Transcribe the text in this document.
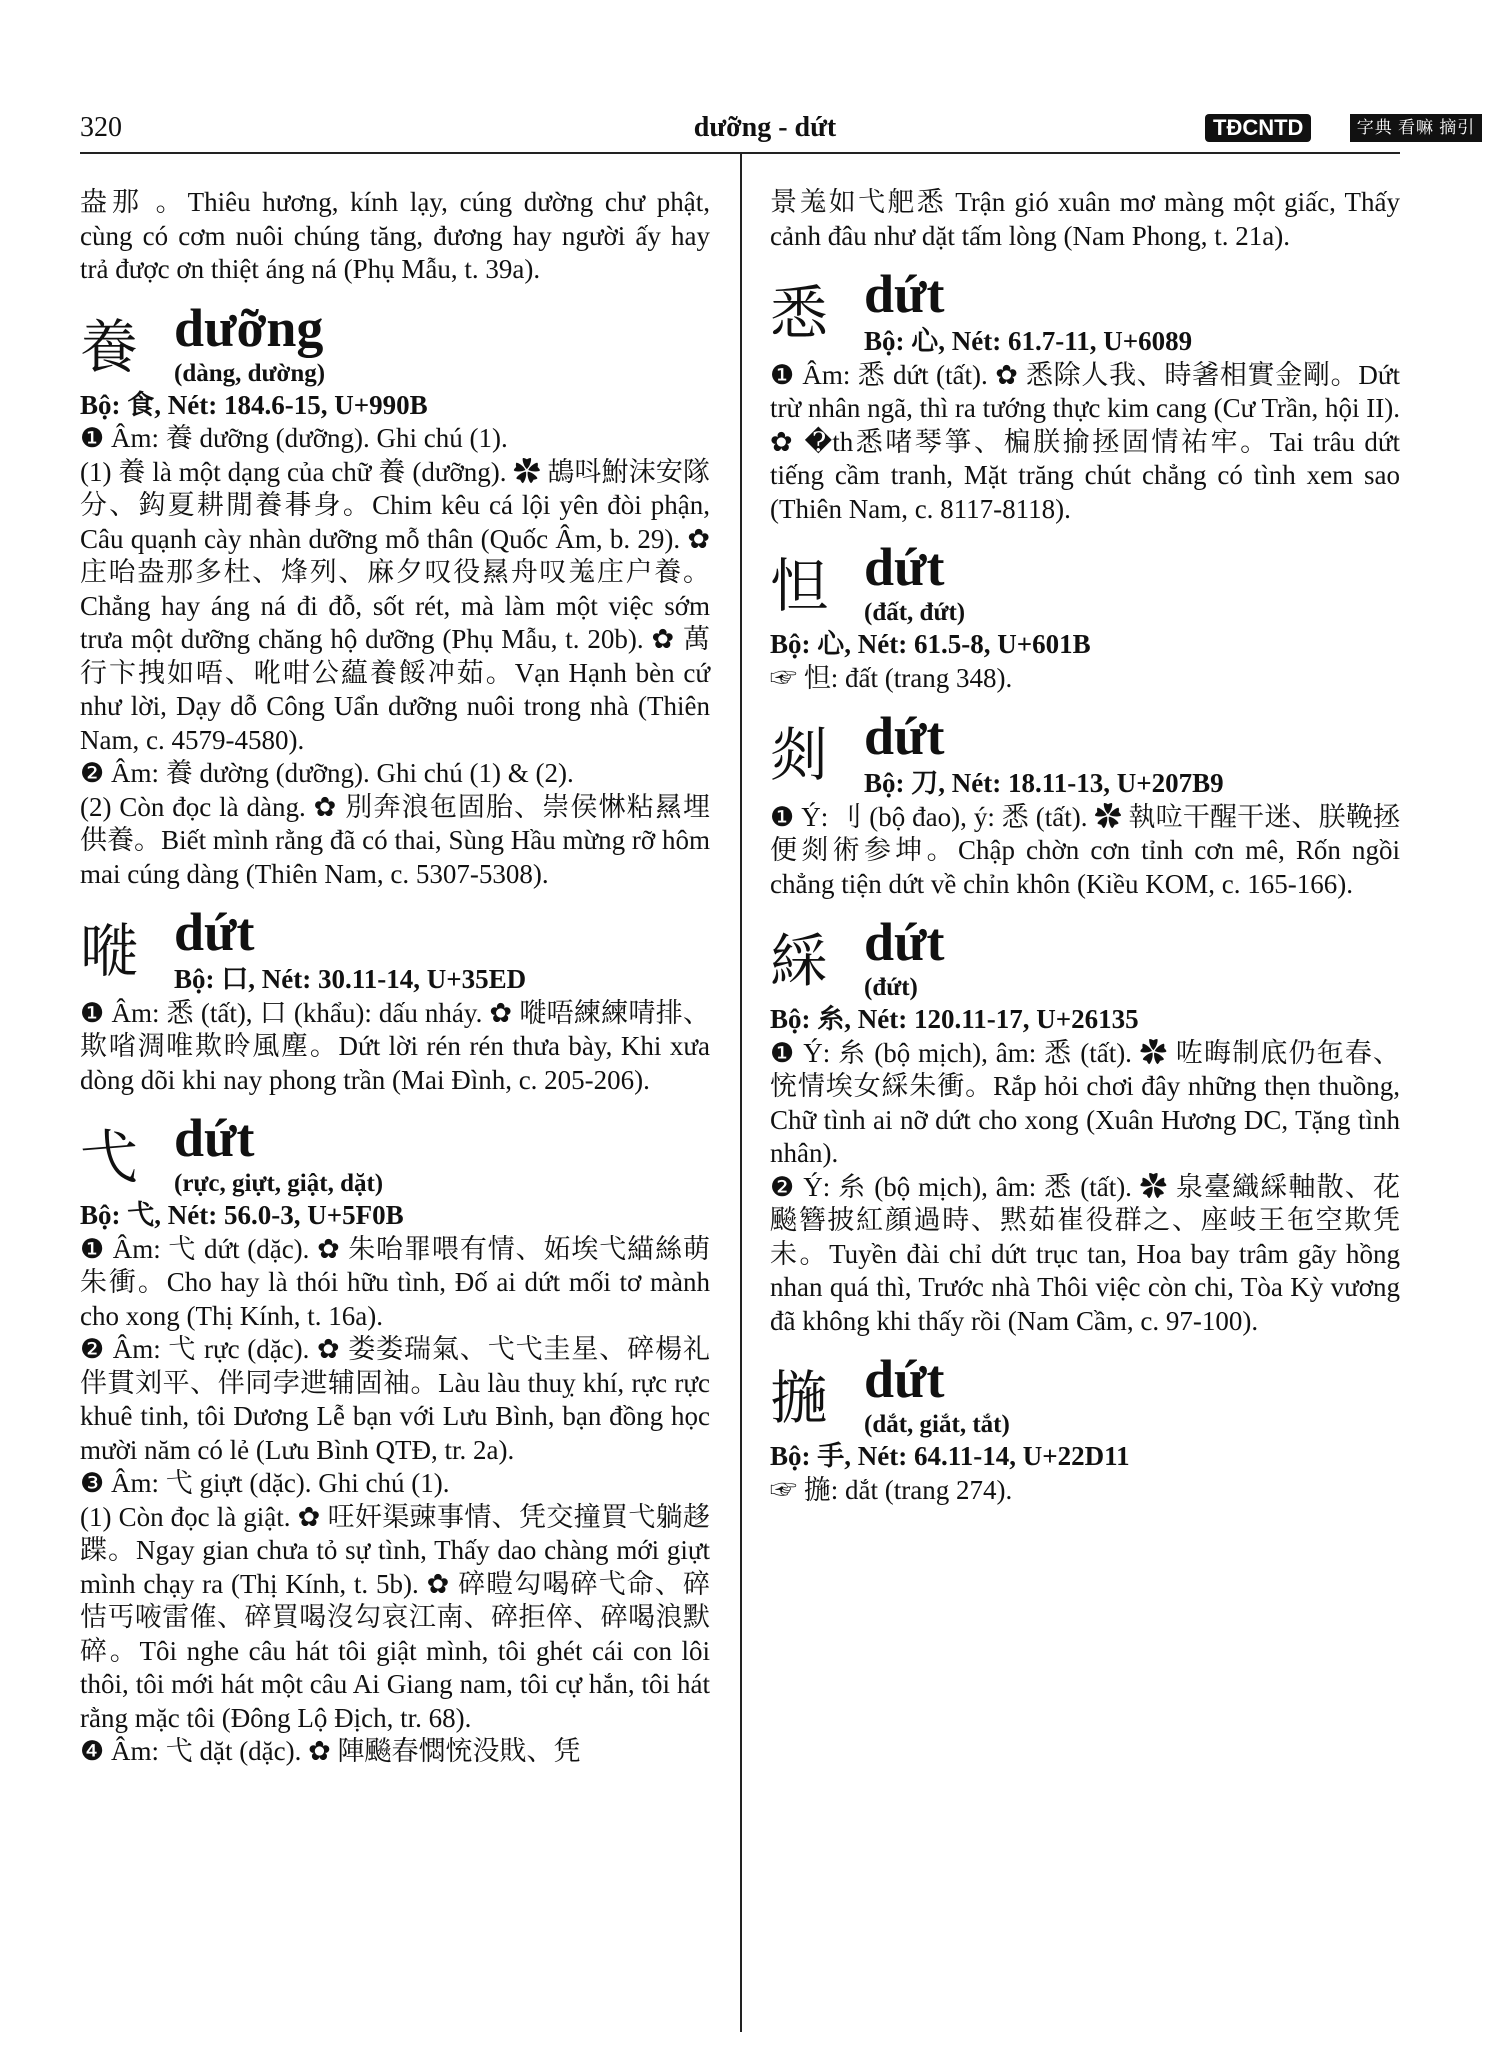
320	dưỡng - dứt	TĐCNTD	字典 看嘛 摘引

盎那 。Thiêu hương, kính lạy, cúng dường chư phật, cùng có cơm nuôi chúng tăng, đương hay người ấy hay trả được ơn thiệt áng ná (Phụ Mẫu, t. 39a).

養 dưỡng
(dàng, dường)

Bộ: 食, Nét: 184.6-15, U+990B

❶ Âm: 養 dưỡng (dưỡng). Ghi chú (1).

(1) 養 là một dạng của chữ 養 (dưỡng). ✿ 鴣呌鮒沫安隊分、鈎夏耕閒養朞身。Chim kêu cá lội yên đòi phận, Câu quạnh cày nhàn dưỡng mỗ thân (Quốc Âm, b. 29). ✿ 庄咍盎那多杜、烽列、麻夕叹役㬎舟叹羗庄户養。Chẳng hay áng ná đi đỗ, sốt rét, mà làm một việc sớm trưa một dưỡng chăng hộ dưỡng (Phụ Mẫu, t. 20b). ✿ 萬行卞拽如唔、吪咁公藴養餒冲茹。Vạn Hạnh bèn cứ như lời, Dạy dỗ Công Uẩn dưỡng nuôi trong nhà (Thiên Nam, c. 4579-4580).

❷ Âm: 養 dường (dưỡng). Ghi chú (1) & (2).

(2) Còn đọc là dàng. ✿ 別奔浪㐌固胎、崇侯惏粘㬎埋供養。Biết mình rằng đã có thai, Sùng Hầu mừng rỡ hôm mai cúng dàng (Thiên Nam, c. 5307-5308).

嘥 dứt

Bộ: 口, Nét: 30.11-14, U+35ED

❶ Âm: 悉 (tất), 口 (khẩu): dấu nháy. ✿ 嘥唔練練啨排、欺㗂淍唯欺昤風塵。Dứt lời rén rén thưa bày, Khi xưa dòng dõi khi nay phong trần (Mai Đình, c. 205-206).

弋 dứt
(rực, giựt, giật, dặt)

Bộ: 弋, Nét: 56.0-3, U+5F0B

❶ Âm: 弋 dứt (dặc). ✿ 朱咍罪喂有情、妬埃弋緢絲萌朱衝。Cho hay là thói hữu tình, Đố ai dứt mối tơ mành cho xong (Thị Kính, t. 16a).

❷ Âm: 弋 rực (dặc). ✿ 娄娄瑞氣、弋弋圭星、碎楊礼伴貫刘平、伴同孛迣辅固䄂。Làu làu thuỵ khí, rực rực khuê tinh, tôi Dương Lễ bạn với Lưu Bình, bạn đồng học mười năm có lẻ (Lưu Bình QTĐ, tr. 2a).

❸ Âm: 弋 giựt (dặc). Ghi chú (1).

(1) Còn đọc là giật. ✿ 㕵奸渠䜹事情、凭交撞買弋躺趍蹀。Ngay gian chưa tỏ sự tình, Thấy dao chàng mới giựt mình chạy ra (Thị Kính, t. 5b). ✿ 碎暟勾喝碎弋命、碎恄丐㖡雷傕、碎買喝沒勾哀江南、碎拒倅、碎喝浪默碎。Tôi nghe câu hát tôi giật mình, tôi ghét cái con lôi thôi, tôi mới hát một câu Ai Giang nam, tôi cự hắn, tôi hát rằng mặc tôi (Đông Lộ Địch, tr. 68).

❹ Âm: 弋 dặt (dặc). ✿ 陣飈春㦖㤝没戝、凭

景羗如弋舥悉 Trận gió xuân mơ màng một giấc, Thấy cảnh đâu như dặt tấm lòng (Nam Phong, t. 21a).

悉 dứt

Bộ: 心, Nét: 61.7-11, U+6089

❶ Âm: 悉 dứt (tất). ✿ 悉除人我、時㸙相實金剛。Dứt trừ nhân ngã, thì ra tướng thực kim cang (Cư Trần, hội II). ✿ �th悉啫琴箏、楄朕揄拯固情祐牢。Tai trâu dứt tiếng cầm tranh, Mặt trăng chút chẳng có tình xem sao (Thiên Nam, c. 8117-8118).

怛 dứt
(đất, đứt)

Bộ: 心, Nét: 61.5-8, U+601B

☞ 怛: đất (trang 348).

剡 dứt

Bộ: 刀, Nét: 18.11-13, U+207B9

❶ Ý: 刂 (bộ đao), ý: 悉 (tất). ✿ 執㕸干醒干迷、朕鞔拯便剡術参坤。Chập chờn cơn tỉnh cơn mê, Rốn ngồi chẳng tiện dứt về chỉn khôn (Kiều KOM, c. 165-166).

綵 dứt
(đứt)

Bộ: 糸, Nét: 120.11-17, U+26135

❶ Ý: 糸 (bộ mịch), âm: 悉 (tất). ✿ 咗晦制底仍㐌春、㤝情埃女綵朱衝。Rắp hỏi chơi đây những thẹn thuồng, Chữ tình ai nỡ dứt cho xong (Xuân Hương DC, Tặng tình nhân).

❷ Ý: 糸 (bộ mịch), âm: 悉 (tất). ✿ 泉臺織綵軸散、花飈簪披紅顔過時、黙茹崔役群之、座岐王㐌空欺凭未。Tuyền đài chỉ dứt trục tan, Hoa bay trâm gãy hồng nhan quá thì, Trước nhà Thôi việc còn chi, Tòa Kỳ vương đã không khi thấy rồi (Nam Cầm, c. 97-100).

揓 dứt
(dắt, giắt, tắt)

Bộ: 手, Nét: 64.11-14, U+22D11

☞ 揓: dắt (trang 274).
